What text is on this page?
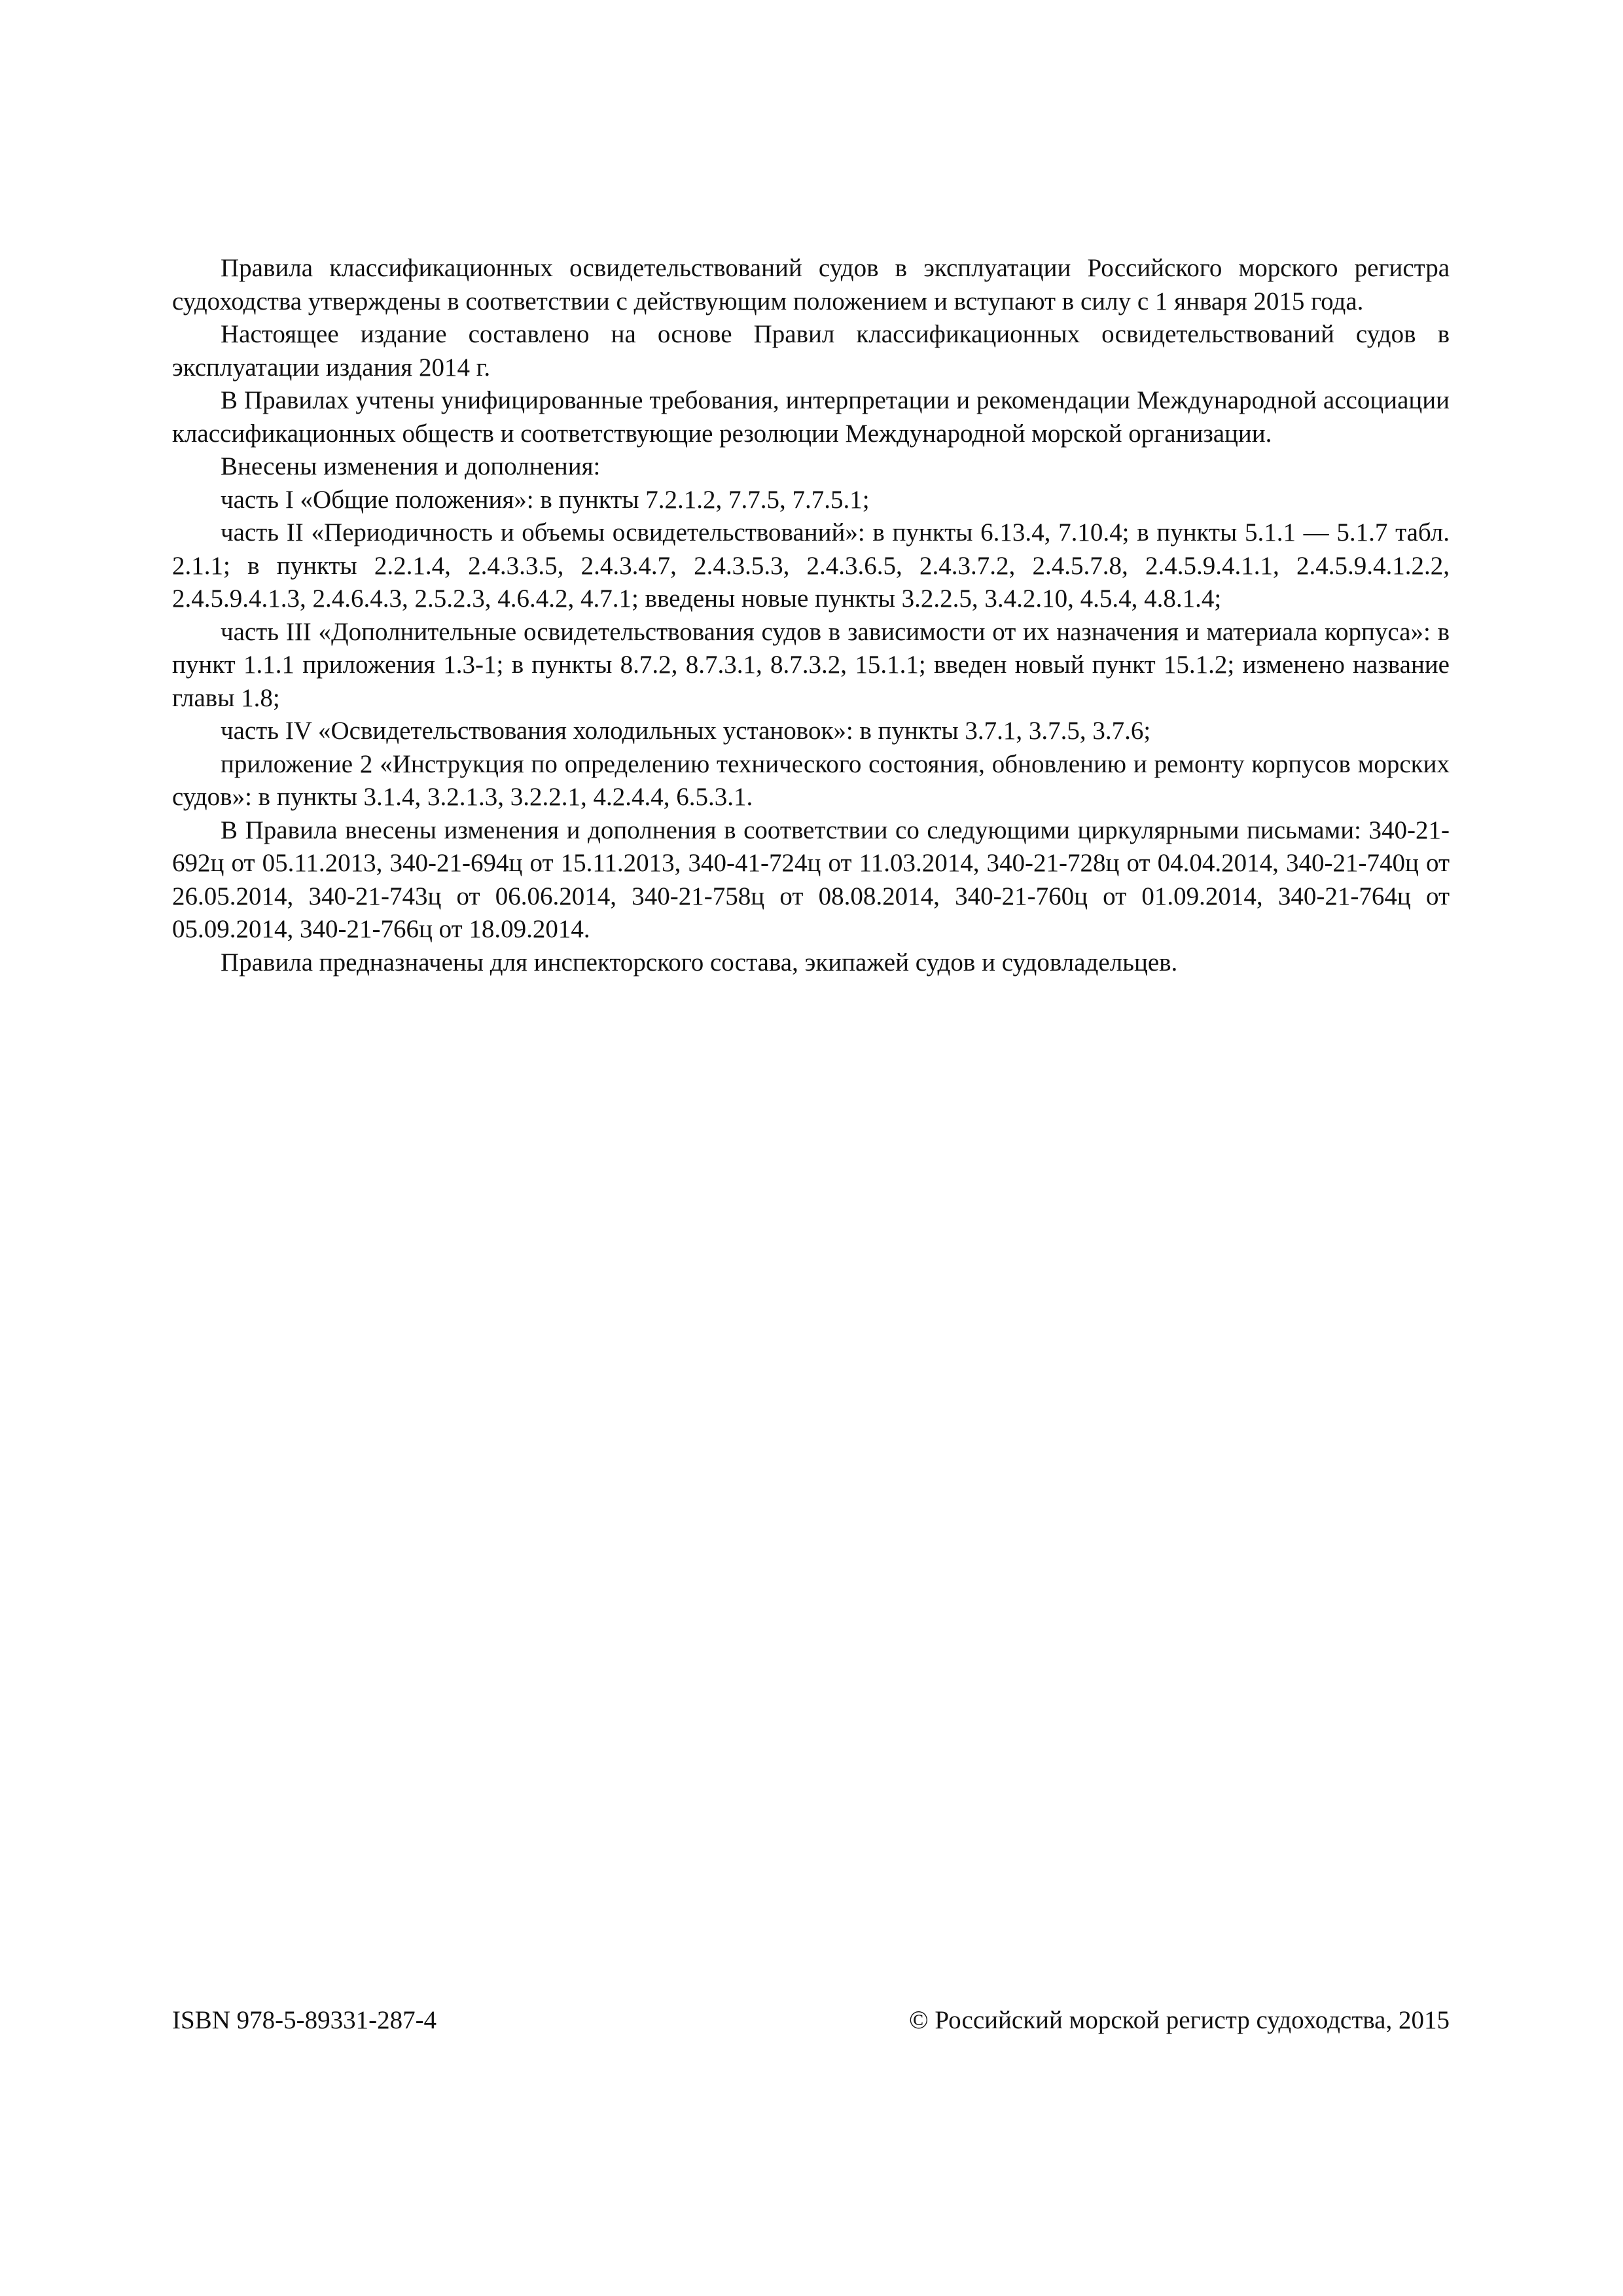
Правила классификационных освидетельствований судов в эксплуатации Российского морского регистра судоходства утверждены в соответствии с действующим положением и вступают в силу с 1 января 2015 года.

Настоящее издание составлено на основе Правил классификационных освидетельствований судов в эксплуатации издания 2014 г.

В Правилах учтены унифицированные требования, интерпретации и рекомендации Международной ассоциации классификационных обществ и соответствующие резолюции Международной морской организации.

Внесены изменения и дополнения:

часть I «Общие положения»: в пункты 7.2.1.2, 7.7.5, 7.7.5.1;

часть II «Периодичность и объемы освидетельствований»: в пункты 6.13.4, 7.10.4; в пункты 5.1.1 — 5.1.7 табл. 2.1.1; в пункты 2.2.1.4, 2.4.3.3.5, 2.4.3.4.7, 2.4.3.5.3, 2.4.3.6.5, 2.4.3.7.2, 2.4.5.7.8, 2.4.5.9.4.1.1, 2.4.5.9.4.1.2.2, 2.4.5.9.4.1.3, 2.4.6.4.3, 2.5.2.3, 4.6.4.2, 4.7.1; введены новые пункты 3.2.2.5, 3.4.2.10, 4.5.4, 4.8.1.4;

часть III «Дополнительные освидетельствования судов в зависимости от их назначения и материала корпуса»: в пункт 1.1.1 приложения 1.3-1; в пункты 8.7.2, 8.7.3.1, 8.7.3.2, 15.1.1; введен новый пункт 15.1.2; изменено название главы 1.8;

часть IV «Освидетельствования холодильных установок»: в пункты 3.7.1, 3.7.5, 3.7.6;

приложение 2 «Инструкция по определению технического состояния, обновлению и ремонту корпусов морских судов»: в пункты 3.1.4, 3.2.1.3, 3.2.2.1, 4.2.4.4, 6.5.3.1.

В Правила внесены изменения и дополнения в соответствии со следующими циркулярными письмами: 340-21-692ц от 05.11.2013, 340-21-694ц от 15.11.2013, 340-41-724ц от 11.03.2014, 340-21-728ц от 04.04.2014, 340-21-740ц от 26.05.2014, 340-21-743ц от 06.06.2014, 340-21-758ц от 08.08.2014, 340-21-760ц от 01.09.2014, 340-21-764ц от 05.09.2014, 340-21-766ц от 18.09.2014.

Правила предназначены для инспекторского состава, экипажей судов и судовладельцев.

ISBN 978-5-89331-287-4	© Российский морской регистр судоходства, 2015
